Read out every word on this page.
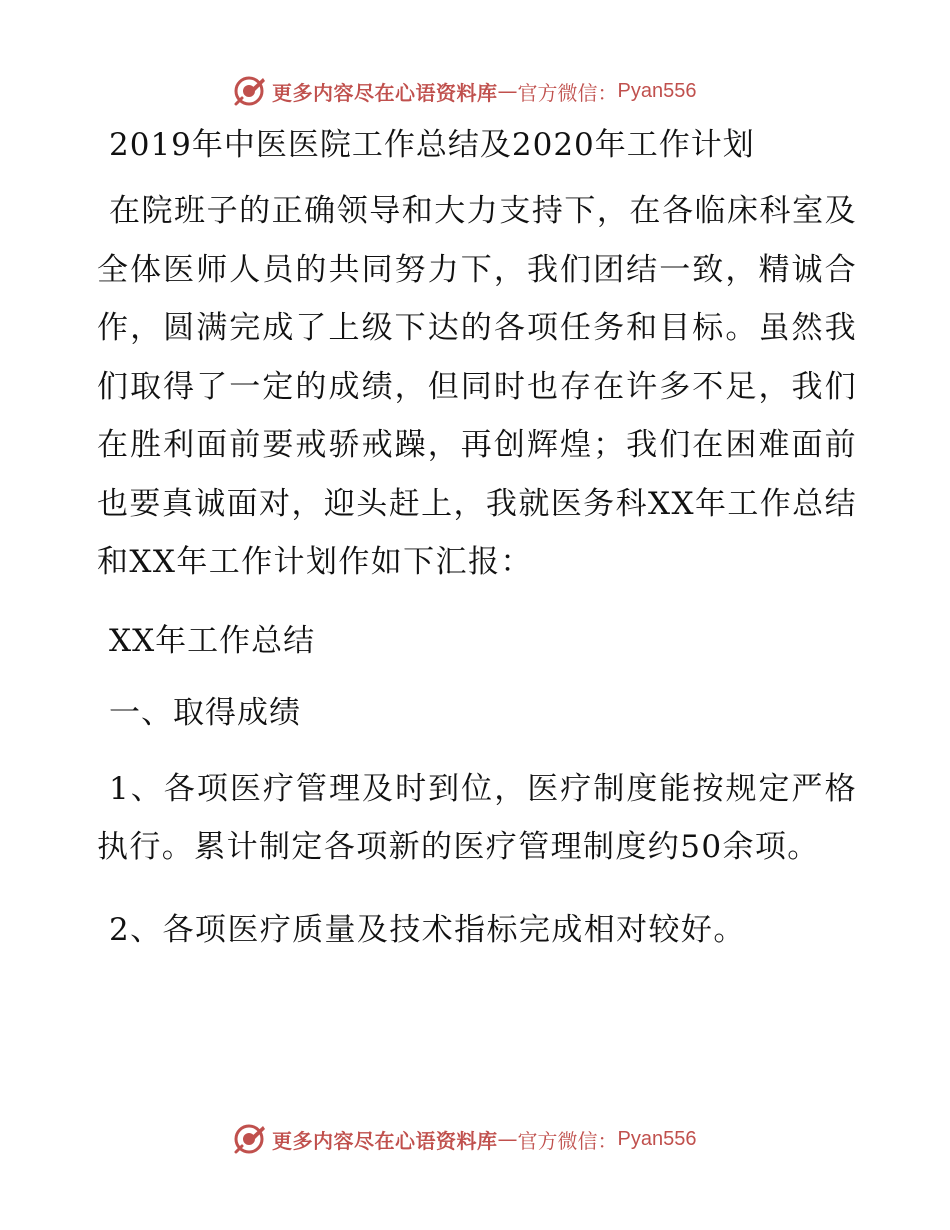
更多内容尽在心语资料库 — 官方微信： Pyan556
2019年中医医院工作总结及2020年工作计划

在院班子的正确领导和大力支持下，在各临床科室及全体医师人员的共同努力下，我们团结一致，精诚合作，圆满完成了上级下达的各项任务和目标。虽然我们取得了一定的成绩，但同时也存在许多不足，我们在胜利面前要戒骄戒躁，再创辉煌；我们在困难面前也要真诚面对，迎头赶上，我就医务科XX年工作总结和XX年工作计划作如下汇报：

XX年工作总结
一、取得成绩

1、各项医疗管理及时到位，医疗制度能按规定严格执行。累计制定各项新的医疗管理制度约50余项。

2、各项医疗质量及技术指标完成相对较好。

更多内容尽在心语资料库 — 官方微信： Pyan556
